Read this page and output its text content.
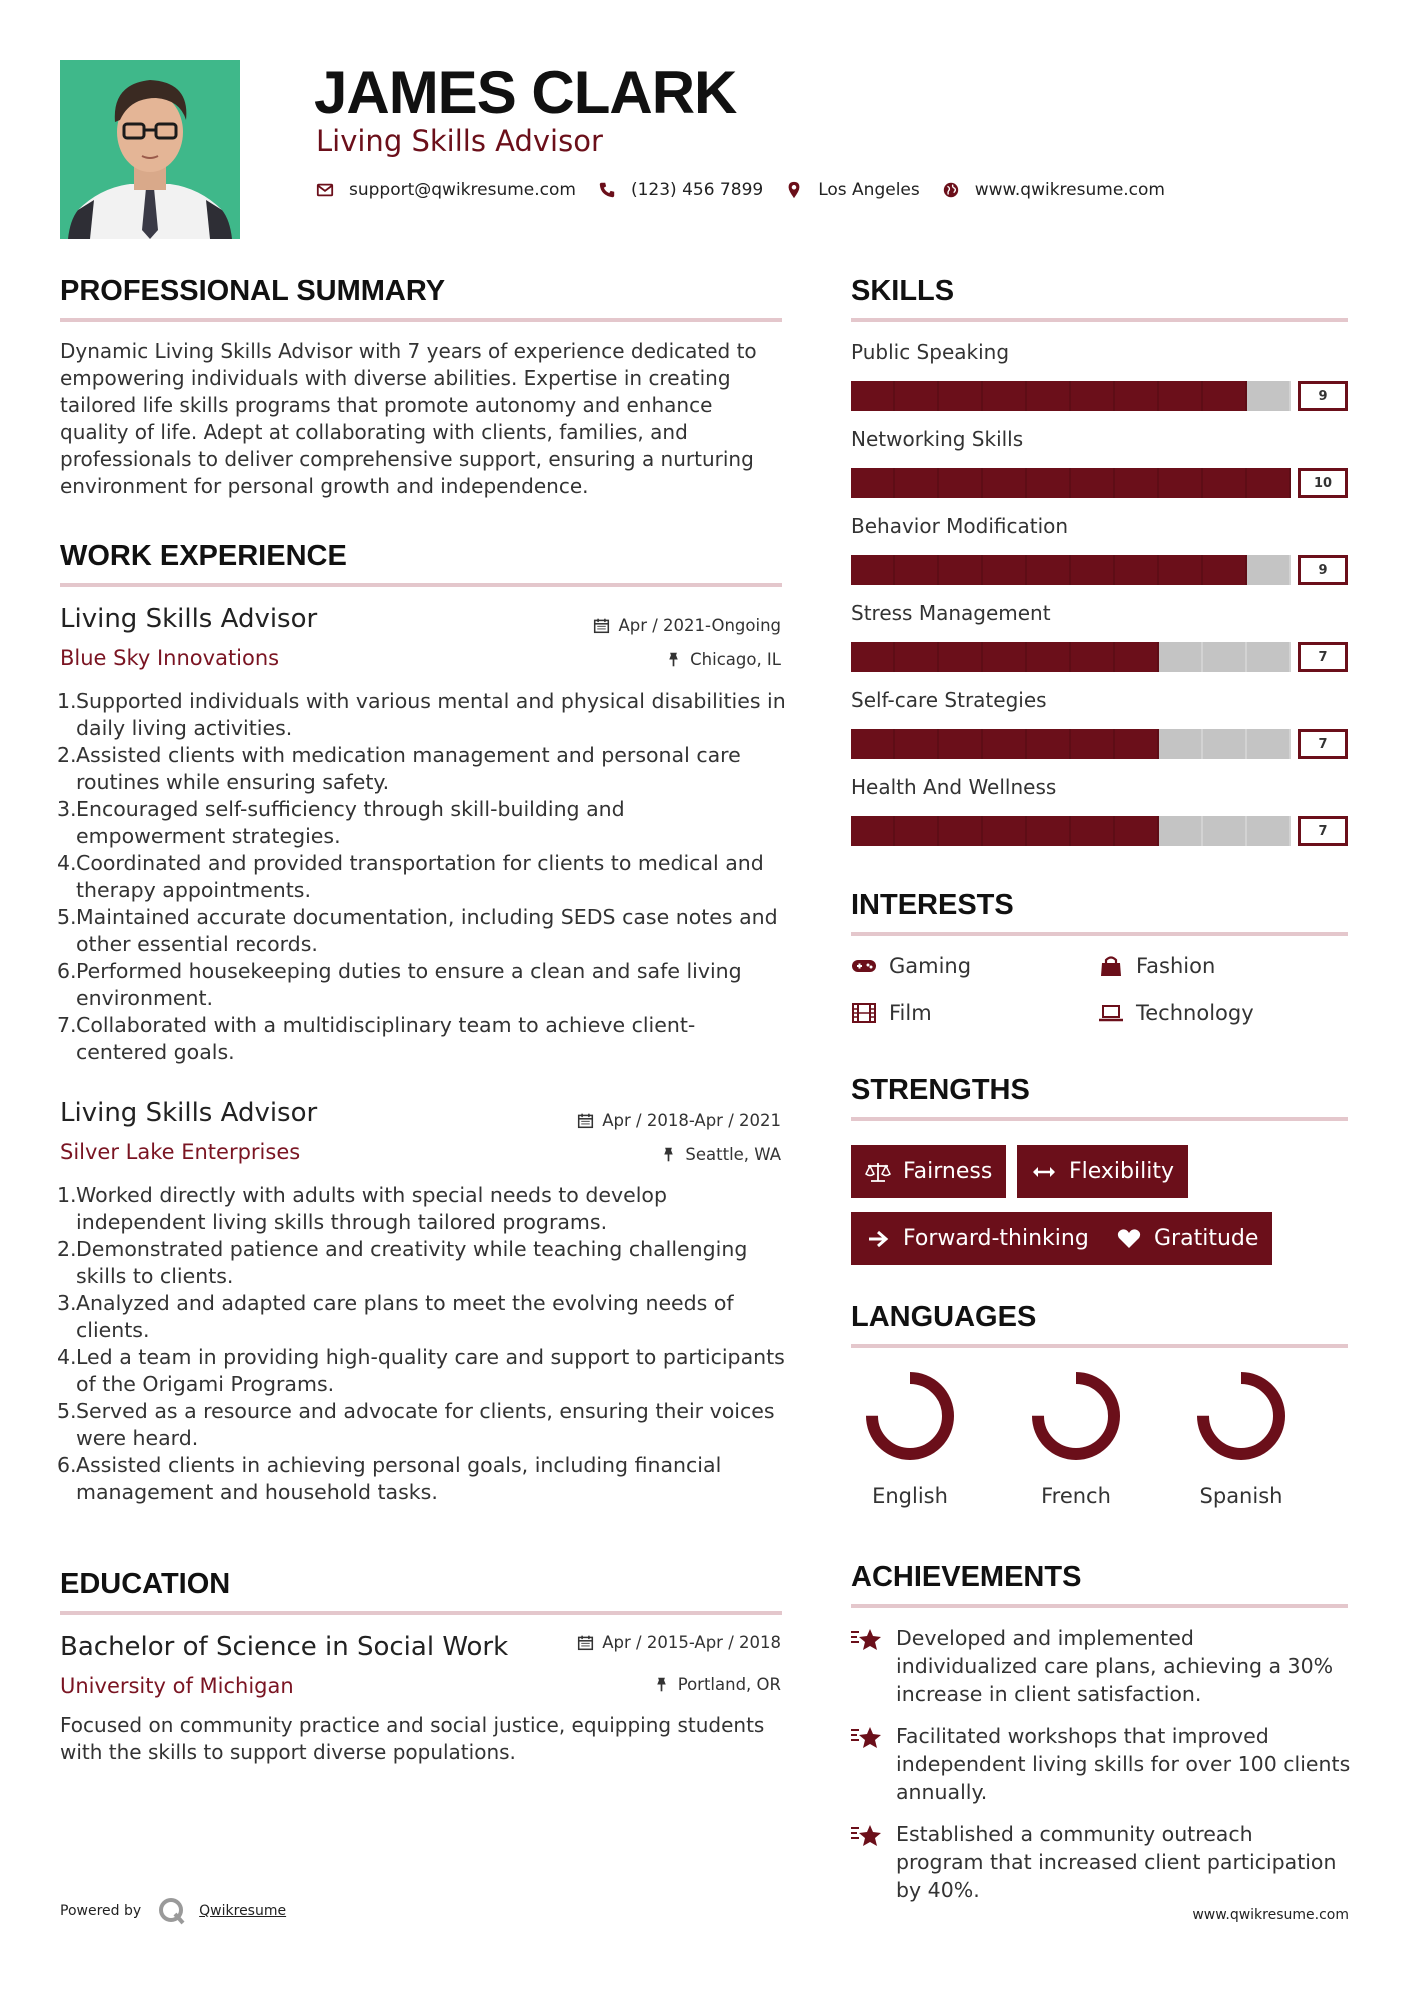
JAMES CLARK
Living Skills Advisor
support@qwikresume.com	(123) 456 7899	Los Angeles	www.qwikresume.com
PROFESSIONAL SUMMARY
Dynamic Living Skills Advisor with 7 years of experience dedicated to
empowering individuals with diverse abilities. Expertise in creating
tailored life skills programs that promote autonomy and enhance
quality of life. Adept at collaborating with clients, families, and
professionals to deliver comprehensive support, ensuring a nurturing
environment for personal growth and independence.
WORK EXPERIENCE
Living Skills Advisor
Blue Sky Innovations
Apr / 2021-Ongoing
Chicago, IL
1. Supported individuals with various mental and physical disabilities in
daily living activities.
2. Assisted clients with medication management and personal care
routines while ensuring safety.
3. Encouraged self-sufficiency through skill-building and
empowerment strategies.
4. Coordinated and provided transportation for clients to medical and
therapy appointments.
5. Maintained accurate documentation, including SEDS case notes and
other essential records.
6. Performed housekeeping duties to ensure a clean and safe living
environment.
7. Collaborated with a multidisciplinary team to achieve client-
centered goals.
Living Skills Advisor
Silver Lake Enterprises
Apr / 2018-Apr / 2021
Seattle, WA
1. Worked directly with adults with special needs to develop
independent living skills through tailored programs.
2. Demonstrated patience and creativity while teaching challenging
skills to clients.
3. Analyzed and adapted care plans to meet the evolving needs of
clients.
4. Led a team in providing high-quality care and support to participants
of the Origami Programs.
5. Served as a resource and advocate for clients, ensuring their voices
were heard.
6. Assisted clients in achieving personal goals, including financial
management and household tasks.
EDUCATION
Bachelor of Science in Social Work
University of Michigan
Apr / 2015-Apr / 2018
Portland, OR
Focused on community practice and social justice, equipping students
with the skills to support diverse populations.
SKILLS
Public Speaking
9
Networking Skills
10
Behavior Modification
9
Stress Management
7
Self-care Strategies
7
Health And Wellness
7
INTERESTS
Gaming	Fashion
Film	Technology
STRENGTHS
Fairness	Flexibility
Forward-thinking	Gratitude
LANGUAGES
English	French	Spanish
ACHIEVEMENTS
Developed and implemented
individualized care plans, achieving a 30%
increase in client satisfaction.
Facilitated workshops that improved
independent living skills for over 100 clients
annually.
Established a community outreach
program that increased client participation
by 40%.
Powered by	Qwikresume	www.qwikresume.com
